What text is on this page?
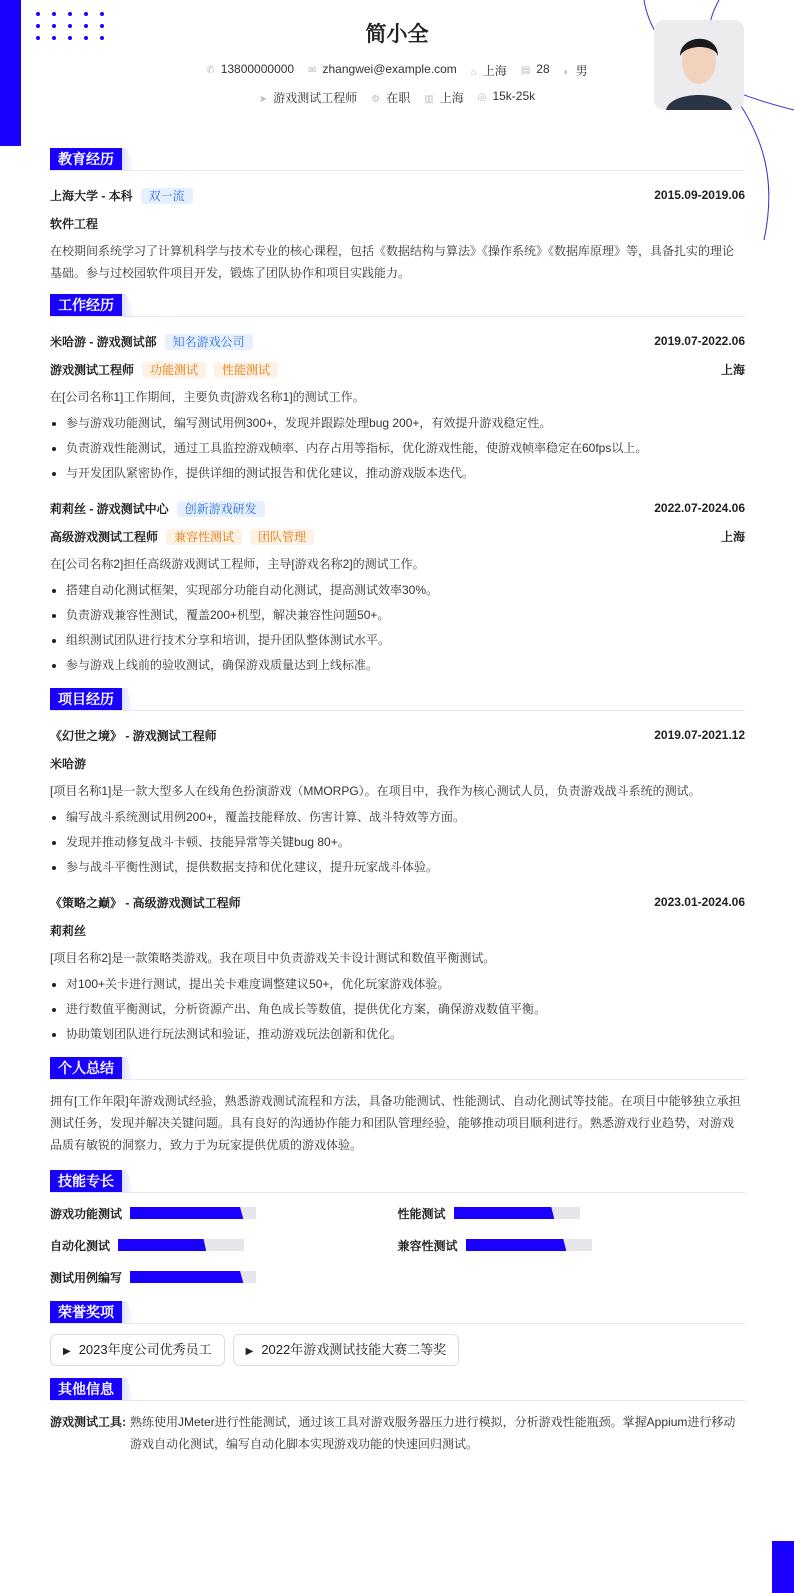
简小全
✆ 13800000000 ✉ zhangwei@example.com ⌂ 上海 ▤ 28 ◐ 男
➤ 游戏测试工程师 ⚙ 在职 ▥ 上海 ◎ 15k-25k
教育经历
上海大学 - 本科 双一流	2015.09-2019.06
软件工程

在校期间系统学习了计算机科学与技术专业的核心课程，包括《数据结构与算法》《操作系统》《数据库原理》等，具备扎实的理论基础。参与过校园软件项目开发，锻炼了团队协作和项目实践能力。

工作经历
米哈游 - 游戏测试部 知名游戏公司	2019.07-2022.06
游戏测试工程师 功能测试 性能测试	上海

在[公司名称1]工作期间，主要负责[游戏名称1]的测试工作。

参与游戏功能测试，编写测试用例300+，发现并跟踪处理bug 200+，有效提升游戏稳定性。
负责游戏性能测试，通过工具监控游戏帧率、内存占用等指标，优化游戏性能，使游戏帧率稳定在60fps以上。
与开发团队紧密协作，提供详细的测试报告和优化建议，推动游戏版本迭代。
莉莉丝 - 游戏测试中心 创新游戏研发	2022.07-2024.06
高级游戏测试工程师 兼容性测试 团队管理	上海

在[公司名称2]担任高级游戏测试工程师，主导[游戏名称2]的测试工作。

搭建自动化测试框架，实现部分功能自动化测试，提高测试效率30%。
负责游戏兼容性测试，覆盖200+机型，解决兼容性问题50+。
组织测试团队进行技术分享和培训，提升团队整体测试水平。
参与游戏上线前的验收测试，确保游戏质量达到上线标准。
项目经历
《幻世之境》 - 游戏测试工程师	2019.07-2021.12
米哈游

[项目名称1]是一款大型多人在线角色扮演游戏（MMORPG）。在项目中，我作为核心测试人员，负责游戏战斗系统的测试。

编写战斗系统测试用例200+，覆盖技能释放、伤害计算、战斗特效等方面。
发现并推动修复战斗卡顿、技能异常等关键bug 80+。
参与战斗平衡性测试，提供数据支持和优化建议，提升玩家战斗体验。
《策略之巅》 - 高级游戏测试工程师	2023.01-2024.06
莉莉丝

[项目名称2]是一款策略类游戏。我在项目中负责游戏关卡设计测试和数值平衡测试。

对100+关卡进行测试，提出关卡难度调整建议50+，优化玩家游戏体验。
进行数值平衡测试，分析资源产出、角色成长等数值，提供优化方案，确保游戏数值平衡。
协助策划团队进行玩法测试和验证，推动游戏玩法创新和优化。
个人总结

拥有[工作年限]年游戏测试经验，熟悉游戏测试流程和方法，具备功能测试、性能测试、自动化测试等技能。在项目中能够独立承担测试任务，发现并解决关键问题。具有良好的沟通协作能力和团队管理经验，能够推动项目顺利进行。熟悉游戏行业趋势，对游戏品质有敏锐的洞察力，致力于为玩家提供优质的游戏体验。

技能专长
游戏功能测试	性能测试
自动化测试	兼容性测试
测试用例编写
荣誉奖项
▶ 2023年度公司优秀员工	▶ 2022年游戏测试技能大赛二等奖
其他信息
游戏测试工具: 熟练使用JMeter进行性能测试，通过该工具对游戏服务器压力进行模拟，分析游戏性能瓶颈。掌握Appium进行移动游戏自动化测试，编写自动化脚本实现游戏功能的快速回归测试。
